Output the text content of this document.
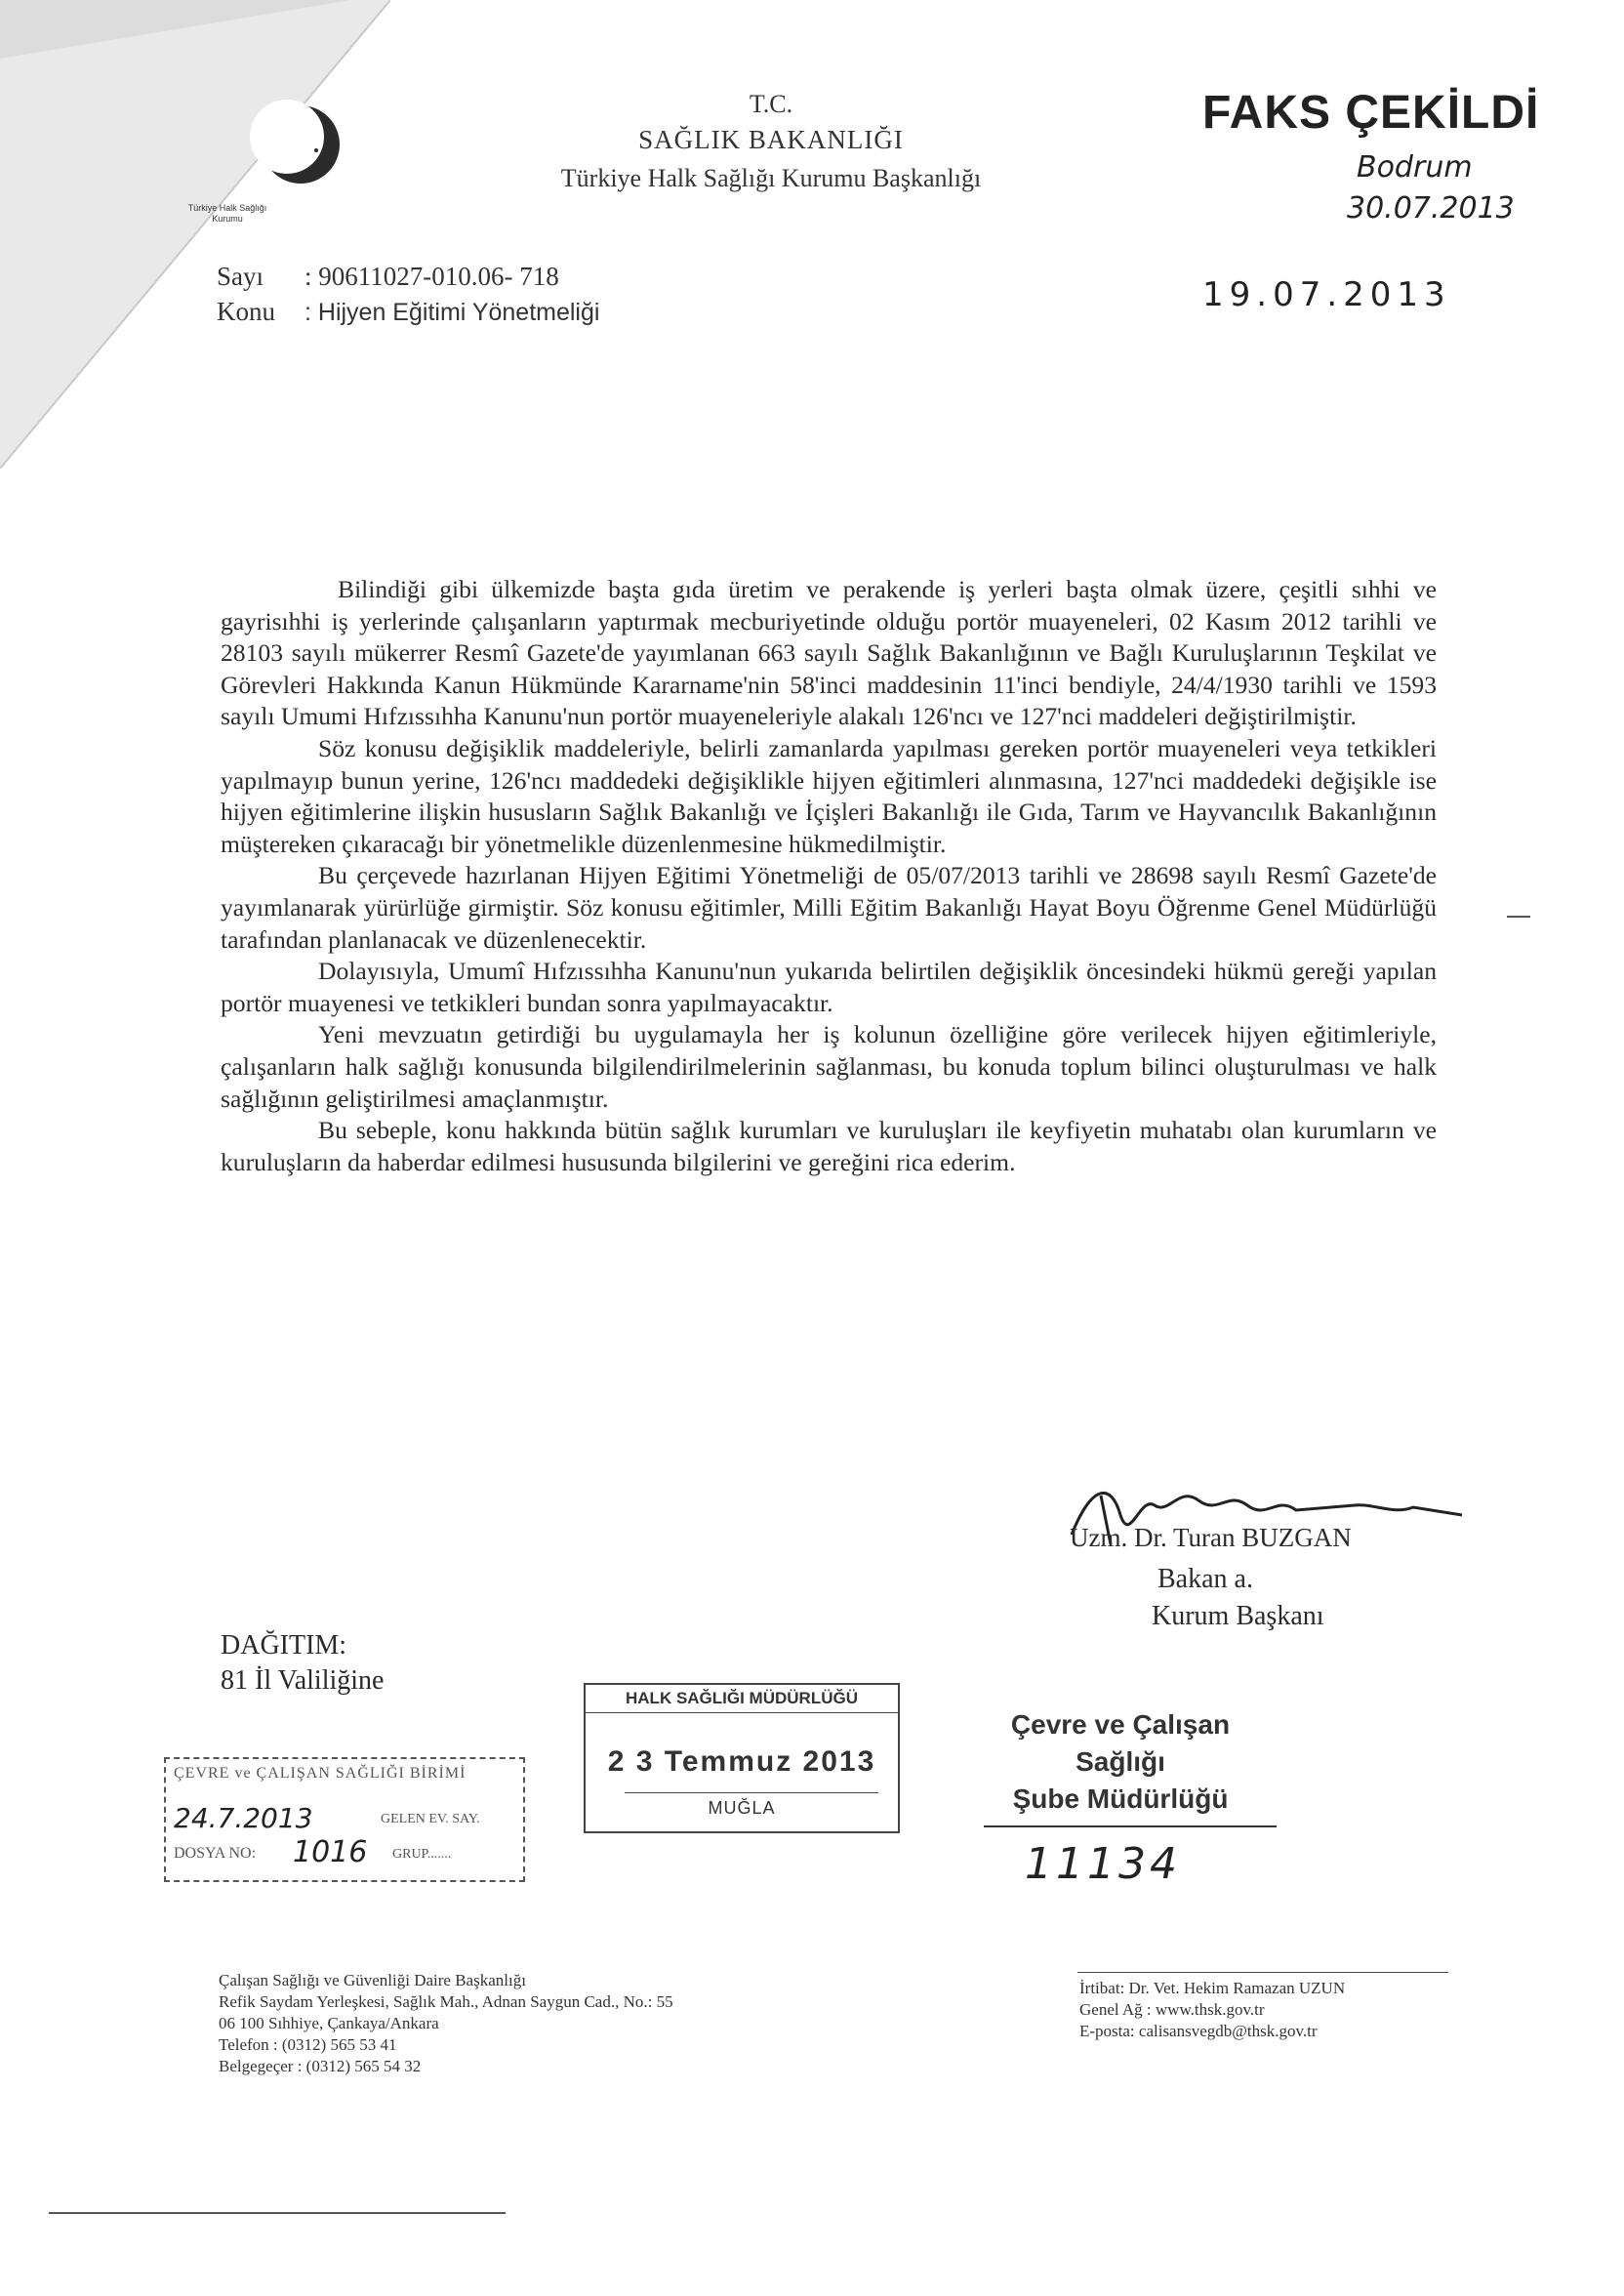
Türkiye Halk Sağlığı
Kurumu
T.C.
SAĞLIK BAKANLIĞI
Türkiye Halk Sağlığı Kurumu Başkanlığı
FAKS ÇEKİLDİ
Bodrum
30.07.2013
19.07.2013
Sayı : 90611027-010.06- 718
Konu : Hijyen Eğitimi Yönetmeliği

Bilindiği gibi ülkemizde başta gıda üretim ve perakende iş yerleri başta olmak üzere, çeşitli sıhhi ve gayrisıhhi iş yerlerinde çalışanların yaptırmak mecburiyetinde olduğu portör muayeneleri, 02 Kasım 2012 tarihli ve 28103 sayılı mükerrer Resmî Gazete'de yayımlanan 663 sayılı Sağlık Bakanlığının ve Bağlı Kuruluşlarının Teşkilat ve Görevleri Hakkında Kanun Hükmünde Kararname'nin 58'inci maddesinin 11'inci bendiyle, 24/4/1930 tarihli ve 1593 sayılı Umumi Hıfzıssıhha Kanunu'nun portör muayeneleriyle alakalı 126'ncı ve 127'nci maddeleri değiştirilmiştir.

Söz konusu değişiklik maddeleriyle, belirli zamanlarda yapılması gereken portör muayeneleri veya tetkikleri yapılmayıp bunun yerine, 126'ncı maddedeki değişiklikle hijyen eğitimleri alınmasına, 127'nci maddedeki değişikle ise hijyen eğitimlerine ilişkin hususların Sağlık Bakanlığı ve İçişleri Bakanlığı ile Gıda, Tarım ve Hayvancılık Bakanlığının müştereken çıkaracağı bir yönetmelikle düzenlenmesine hükmedilmiştir.

Bu çerçevede hazırlanan Hijyen Eğitimi Yönetmeliği de 05/07/2013 tarihli ve 28698 sayılı Resmî Gazete'de yayımlanarak yürürlüğe girmiştir. Söz konusu eğitimler, Milli Eğitim Bakanlığı Hayat Boyu Öğrenme Genel Müdürlüğü tarafından planlanacak ve düzenlenecektir.

Dolayısıyla, Umumî Hıfzıssıhha Kanunu'nun yukarıda belirtilen değişiklik öncesindeki hükmü gereği yapılan portör muayenesi ve tetkikleri bundan sonra yapılmayacaktır.

Yeni mevzuatın getirdiği bu uygulamayla her iş kolunun özelliğine göre verilecek hijyen eğitimleriyle, çalışanların halk sağlığı konusunda bilgilendirilmelerinin sağlanması, bu konuda toplum bilinci oluşturulması ve halk sağlığının geliştirilmesi amaçlanmıştır.

Bu sebeple, konu hakkında bütün sağlık kurumları ve kuruluşları ile keyfiyetin muhatabı olan kurumların ve kuruluşların da haberdar edilmesi hususunda bilgilerini ve gereğini rica ederim.

Uzm. Dr. Turan BUZGAN
Bakan a.
Kurum Başkanı
DAĞITIM:
81 İl Valiliğine
HALK SAĞLIĞI MÜDÜRLÜĞÜ
2 3 Temmuz 2013
MUĞLA
ÇEVRE ve ÇALIŞAN SAĞLIĞI BİRİMİ
24.7.2013	GELEN EV. SAY.
DOSYA NO: 1016 GRUP.......
Çevre ve Çalışan
Sağlığı
Şube Müdürlüğü
11134
Çalışan Sağlığı ve Güvenliği Daire Başkanlığı
Refik Saydam Yerleşkesi, Sağlık Mah., Adnan Saygun Cad., No.: 55
06 100 Sıhhiye, Çankaya/Ankara
Telefon : (0312) 565 53 41
Belgegeçer : (0312) 565 54 32
İrtibat: Dr. Vet. Hekim Ramazan UZUN
Genel Ağ : www.thsk.gov.tr
E-posta: calisansvegdb@thsk.gov.tr
